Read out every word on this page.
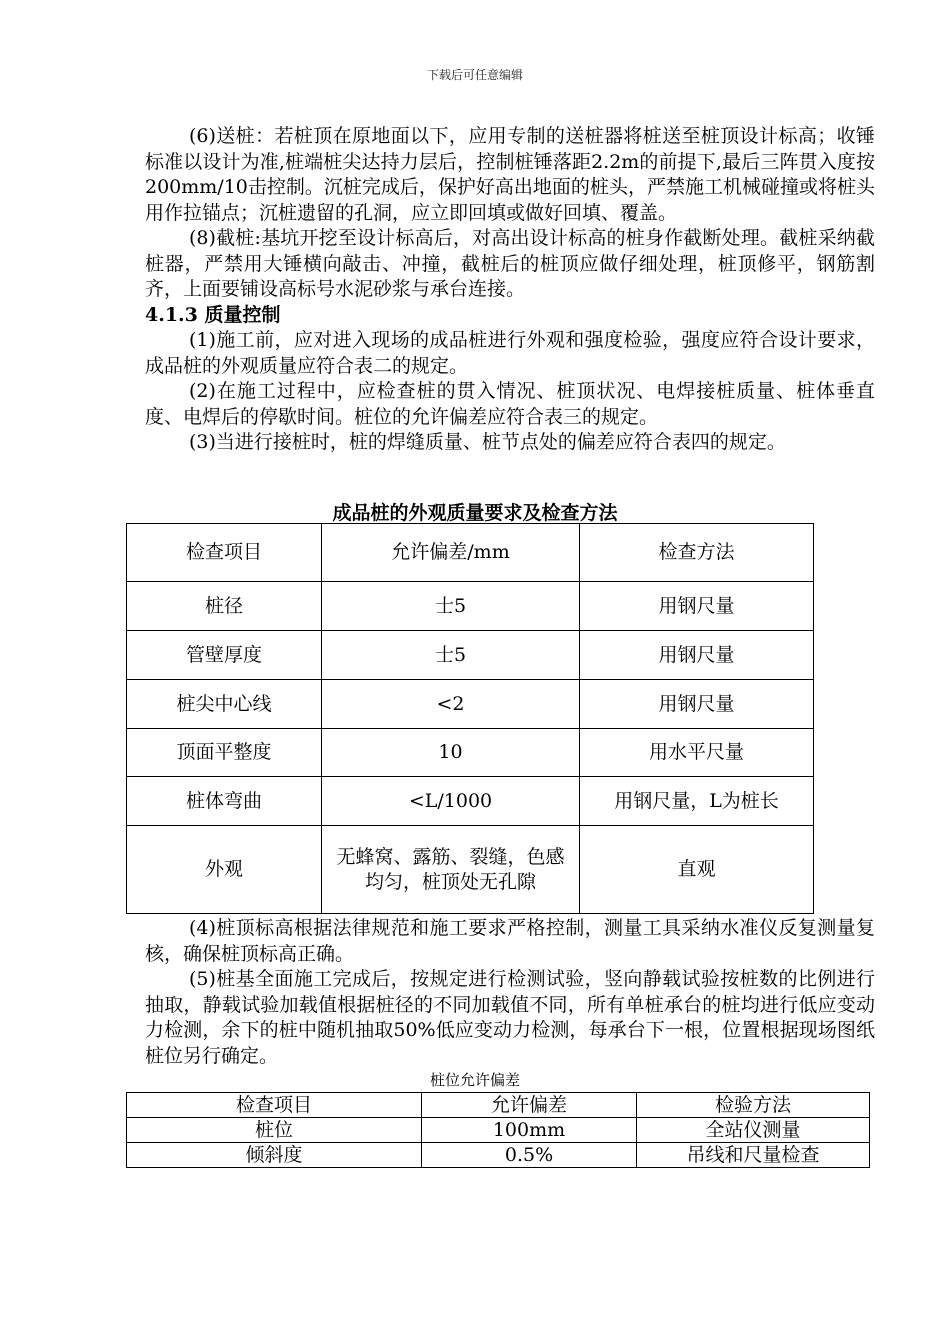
下载后可任意编辑

(6)送桩：若桩顶在原地面以下，应用专制的送桩器将桩送至桩顶设计标高；收锤标准以设计为准,桩端桩尖达持力层后，控制桩锤落距2.2m的前提下,最后三阵贯入度按200mm/10击控制。沉桩完成后，保护好高出地面的桩头，严禁施工机械碰撞或将桩头用作拉锚点；沉桩遗留的孔洞，应立即回填或做好回填、覆盖。

(8)截桩:基坑开挖至设计标高后，对高出设计标高的桩身作截断处理。截桩采纳截桩器，严禁用大锤横向敲击、冲撞，截桩后的桩顶应做仔细处理，桩顶修平，钢筋割齐，上面要铺设高标号水泥砂浆与承台连接。

4.1.3 质量控制

(1)施工前，应对进入现场的成品桩进行外观和强度检验，强度应符合设计要求，成品桩的外观质量应符合表二的规定。

(2)在施工过程中，应检查桩的贯入情况、桩顶状况、电焊接桩质量、桩体垂直度、电焊后的停歇时间。桩位的允许偏差应符合表三的规定。

(3)当进行接桩时，桩的焊缝质量、桩节点处的偏差应符合表四的规定。

成品桩的外观质量要求及检查方法
检查项目	允许偏差/mm	检查方法
桩径	士5	用钢尺量
管壁厚度	士5	用钢尺量
桩尖中心线	<2	用钢尺量
顶面平整度	10	用水平尺量
桩体弯曲	<L/1000	用钢尺量，L为桩长
外观	无蜂窝、露筋、裂缝，色感均匀，桩顶处无孔隙	直观

(4)桩顶标高根据法律规范和施工要求严格控制，测量工具采纳水准仪反复测量复核，确保桩顶标高正确。

(5)桩基全面施工完成后，按规定进行检测试验，竖向静载试验按桩数的比例进行抽取，静载试验加载值根据桩径的不同加载值不同，所有单桩承台的桩均进行低应变动力检测，余下的桩中随机抽取50%低应变动力检测，每承台下一根，位置根据现场图纸桩位另行确定。

桩位允许偏差
检查项目	允许偏差	检验方法
桩位	100mm	全站仪测量
倾斜度	0.5%	吊线和尺量检查
